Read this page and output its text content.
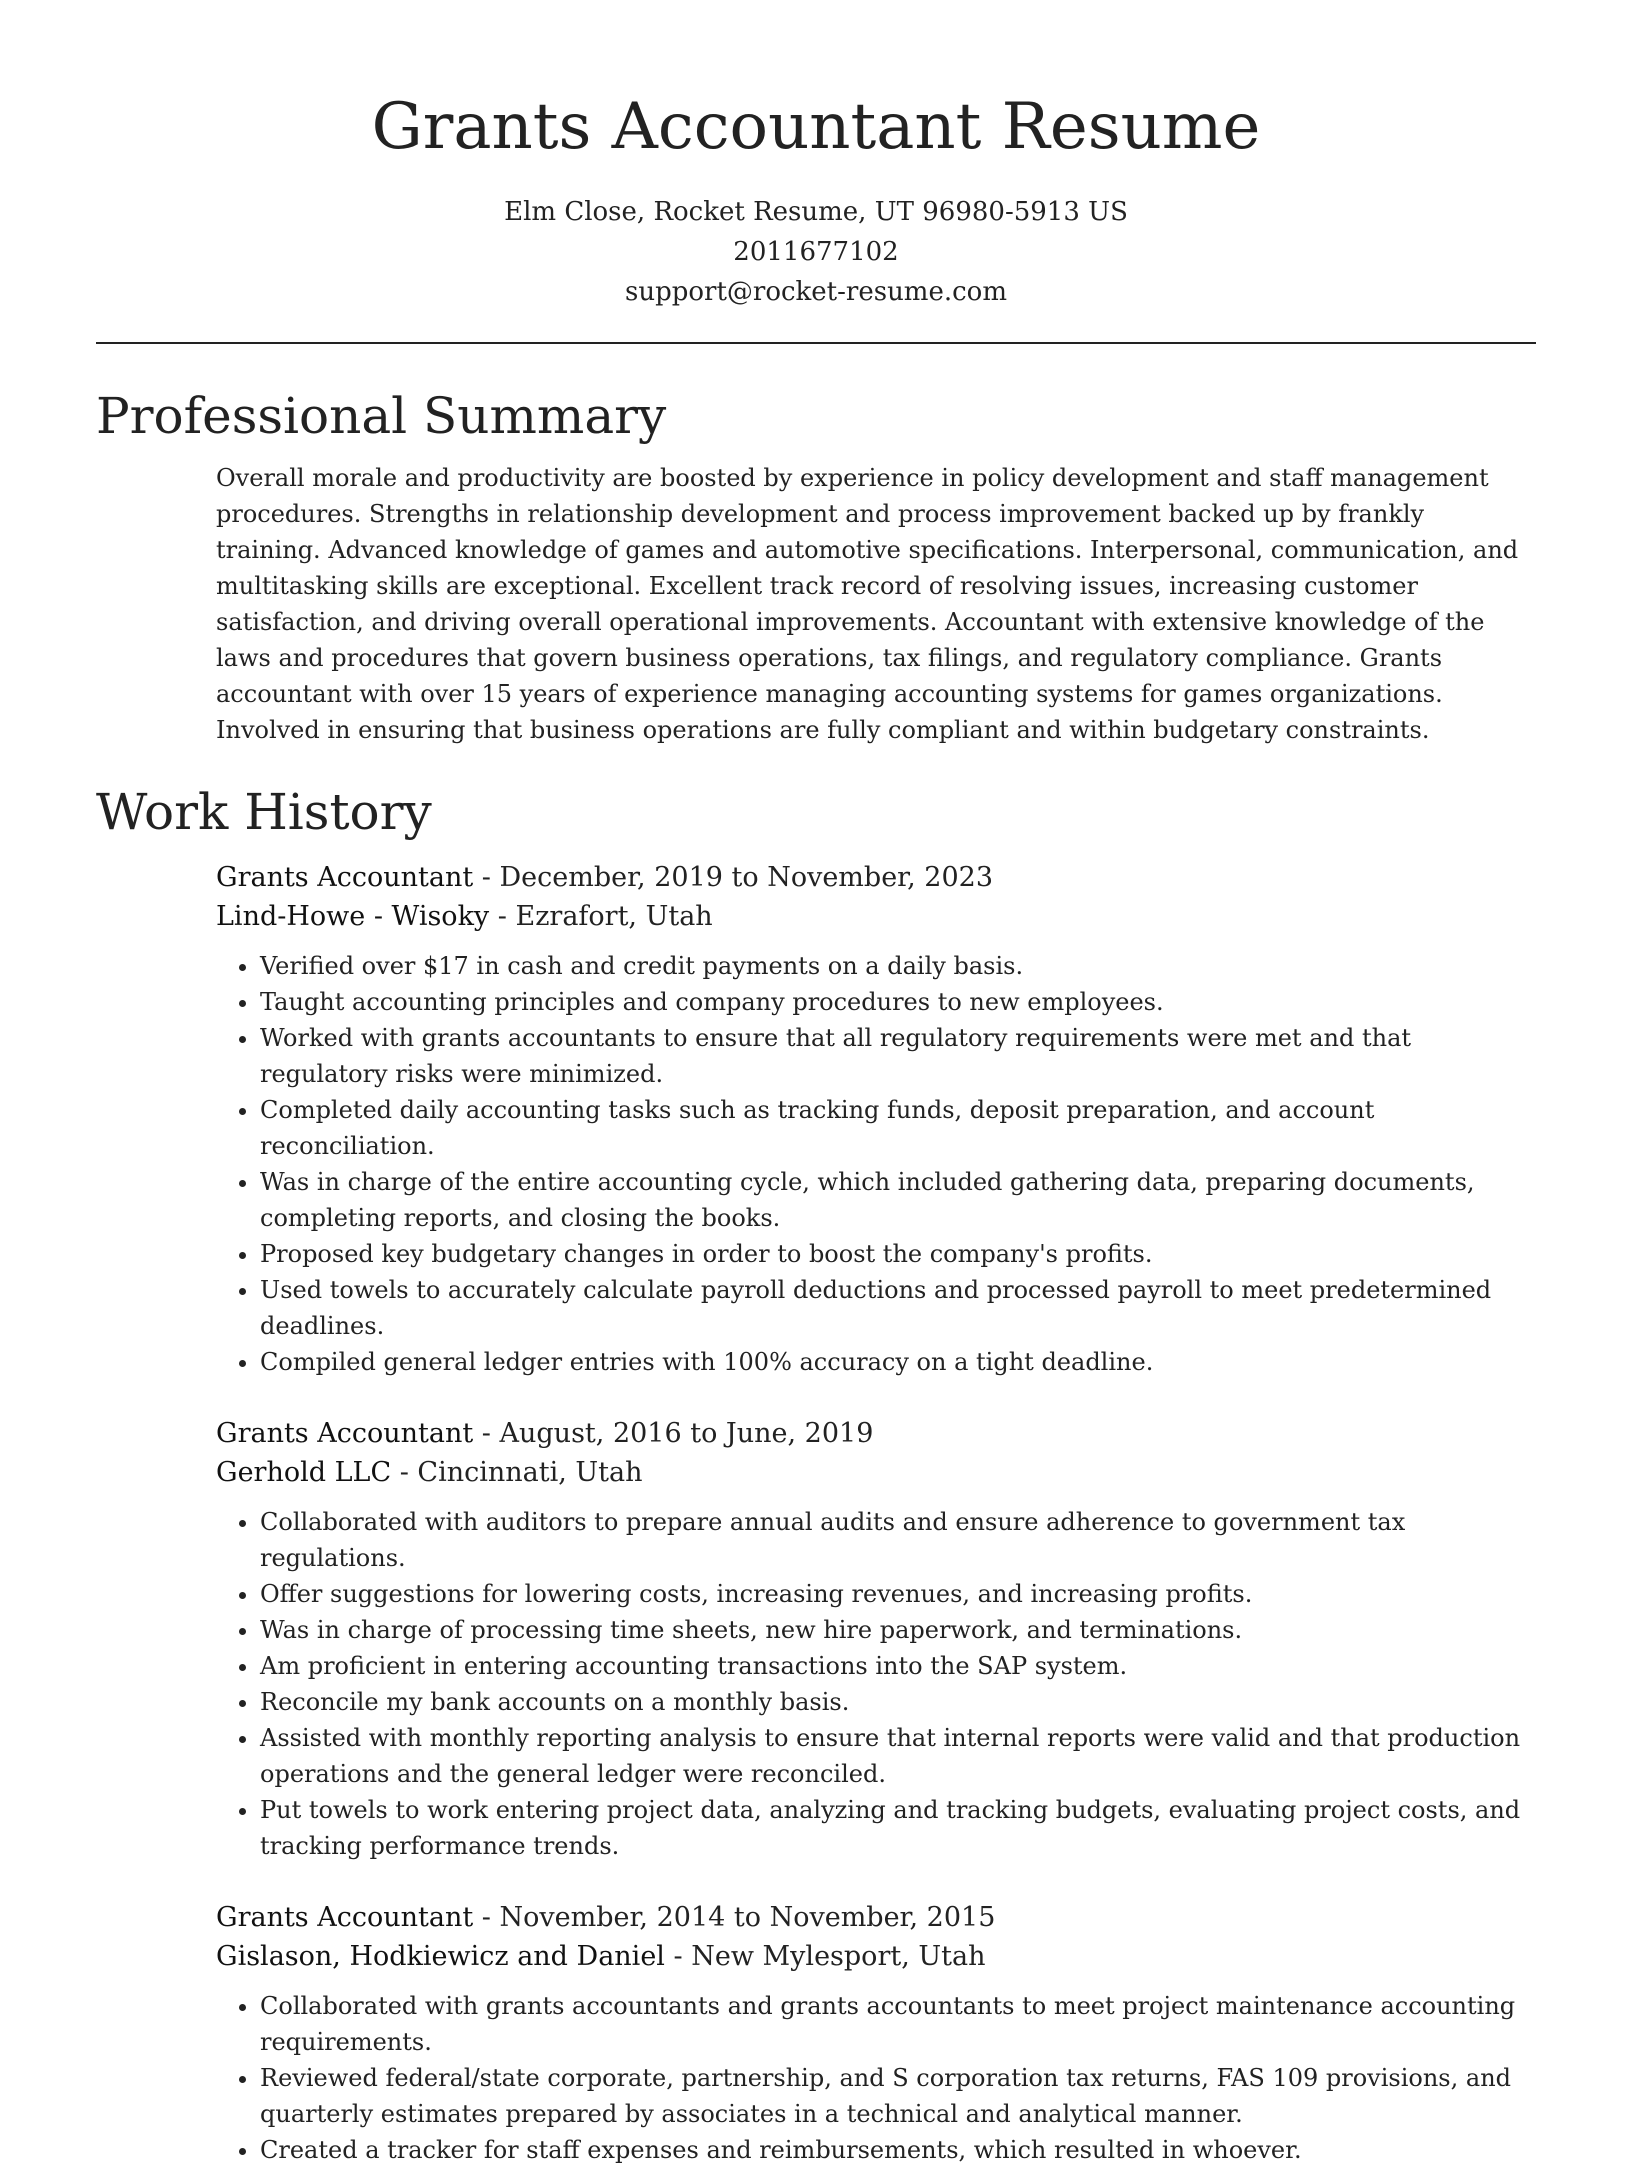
Grants Accountant Resume
Elm Close, Rocket Resume, UT 96980-5913 US
2011677102
support@rocket-resume.com
Professional Summary
Overall morale and productivity are boosted by experience in policy development and staff management procedures. Strengths in relationship development and process improvement backed up by frankly training. Advanced knowledge of games and automotive specifications. Interpersonal, communication, and multitasking skills are exceptional. Excellent track record of resolving issues, increasing customer satisfaction, and driving overall operational improvements. Accountant with extensive knowledge of the laws and procedures that govern business operations, tax filings, and regulatory compliance. Grants accountant with over 15 years of experience managing accounting systems for games organizations. Involved in ensuring that business operations are fully compliant and within budgetary constraints.
Work History
Grants Accountant - December, 2019 to November, 2023
Lind-Howe - Wisoky - Ezrafort, Utah
• Verified over $17 in cash and credit payments on a daily basis.
• Taught accounting principles and company procedures to new employees.
• Worked with grants accountants to ensure that all regulatory requirements were met and that regulatory risks were minimized.
• Completed daily accounting tasks such as tracking funds, deposit preparation, and account reconciliation.
• Was in charge of the entire accounting cycle, which included gathering data, preparing documents, completing reports, and closing the books.
• Proposed key budgetary changes in order to boost the company's profits.
• Used towels to accurately calculate payroll deductions and processed payroll to meet predetermined deadlines.
• Compiled general ledger entries with 100% accuracy on a tight deadline.
Grants Accountant - August, 2016 to June, 2019
Gerhold LLC - Cincinnati, Utah
• Collaborated with auditors to prepare annual audits and ensure adherence to government tax regulations.
• Offer suggestions for lowering costs, increasing revenues, and increasing profits.
• Was in charge of processing time sheets, new hire paperwork, and terminations.
• Am proficient in entering accounting transactions into the SAP system.
• Reconcile my bank accounts on a monthly basis.
• Assisted with monthly reporting analysis to ensure that internal reports were valid and that production operations and the general ledger were reconciled.
• Put towels to work entering project data, analyzing and tracking budgets, evaluating project costs, and tracking performance trends.
Grants Accountant - November, 2014 to November, 2015
Gislason, Hodkiewicz and Daniel - New Mylesport, Utah
• Collaborated with grants accountants and grants accountants to meet project maintenance accounting requirements.
• Reviewed federal/state corporate, partnership, and S corporation tax returns, FAS 109 provisions, and quarterly estimates prepared by associates in a technical and analytical manner.
• Created a tracker for staff expenses and reimbursements, which resulted in whoever.
